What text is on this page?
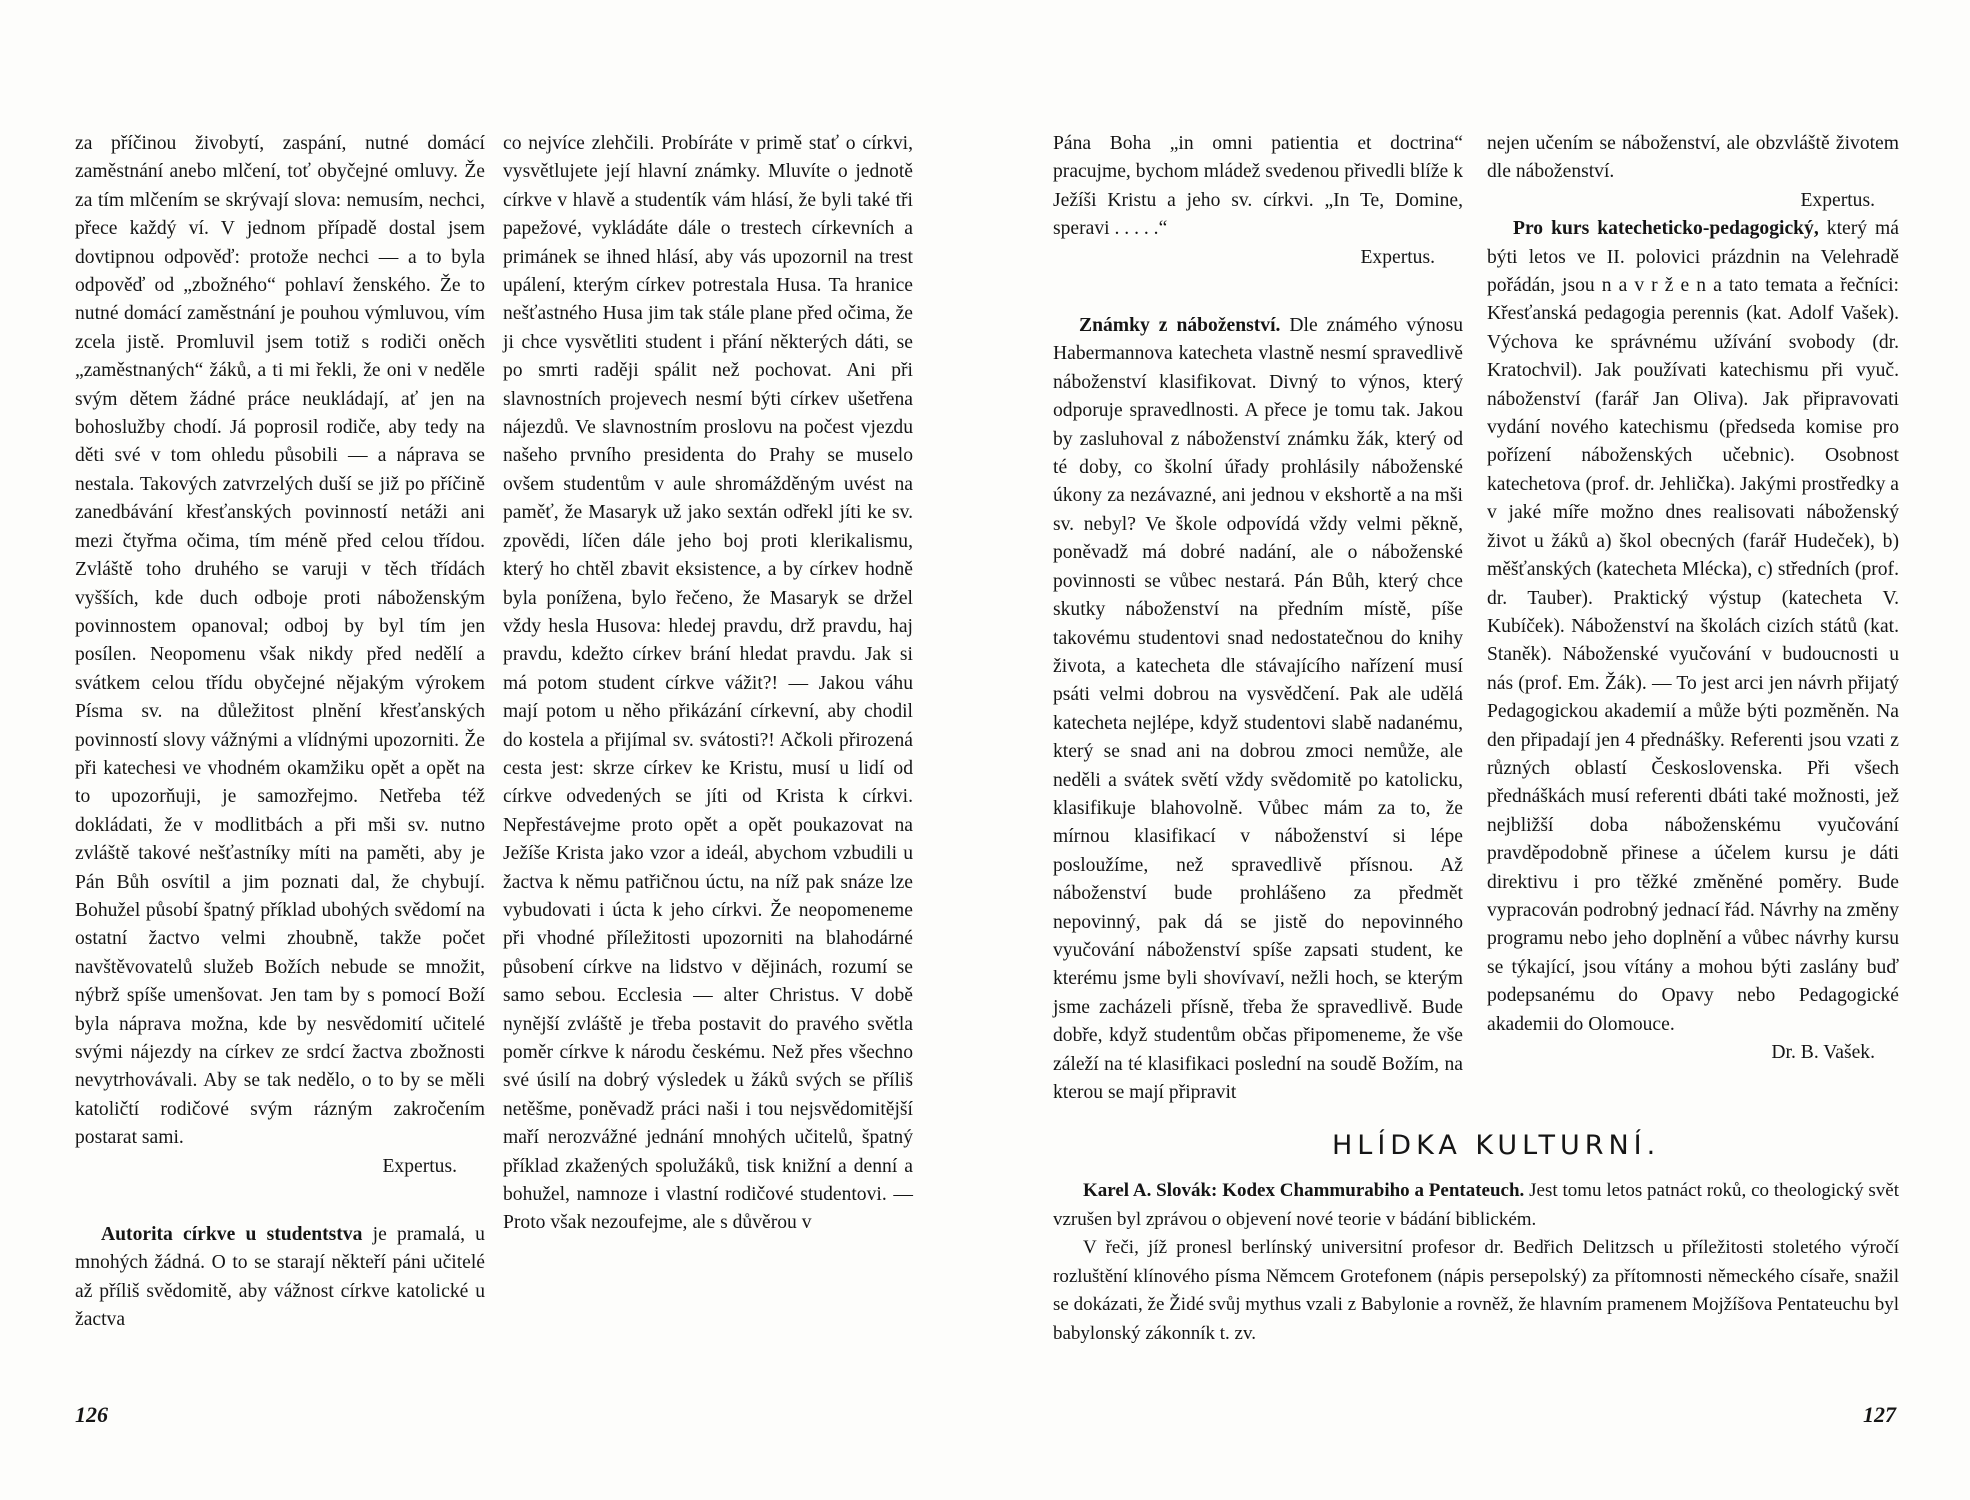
za příčinou živobytí, zaspání, nutné domácí zaměstnání anebo mlčení, toť obyčejné omluvy. Že za tím mlčením se skrývají slova: nemusím, nechci, přece každý ví. V jednom případě dostal jsem dovtipnou odpověď: protože nechci — a to byla odpověď od „zbožného“ pohlaví ženského. Že to nutné domácí zaměstnání je pouhou výmluvou, vím zcela jistě. Promluvil jsem totiž s rodiči oněch „zaměstnaných“ žáků, a ti mi řekli, že oni v neděle svým dětem žádné práce neukládají, ať jen na bohoslužby chodí. Já poprosil rodiče, aby tedy na děti své v tom ohledu působili — a náprava se nestala. Takových zatvrzelých duší se již po příčině zanedbávání křesťanských povinností netáži ani mezi čtyřma očima, tím méně před celou třídou. Zvláště toho druhého se varuji v těch třídách vyšších, kde duch odboje proti náboženským povinnostem opanoval; odboj by byl tím jen posílen. Neopomenu však nikdy před nedělí a svátkem celou třídu obyčejné nějakým výrokem Písma sv. na důležitost plnění křesťanských povinností slovy vážnými a vlídnými upozorniti. Že při katechesi ve vhodném okamžiku opět a opět na to upozorňuji, je samozřejmo. Netřeba též dokládati, že v modlitbách a při mši sv. nutno zvláště takové nešťastníky míti na paměti, aby je Pán Bůh osvítil a jim poznati dal, že chybují. Bohužel působí špatný příklad ubohých svědomí na ostatní žactvo velmi zhoubně, takže počet navštěvovatelů služeb Božích nebude se množit, nýbrž spíše umenšovat. Jen tam by s pomocí Boží byla náprava možna, kde by nesvědomití učitelé svými nájezdy na církev ze srdcí žactva zbožnosti nevytrhovávali. Aby se tak nedělo, o to by se měli katoličtí rodičové svým rázným zakročením postarat sami.

Expertus.

Autorita církve u studentstva je pramalá, u mnohých žádná. O to se starají někteří páni učitelé až příliš svědomitě, aby vážnost církve katolické u žactva

co nejvíce zlehčili. Probíráte v primě stať o církvi, vysvětlujete její hlavní známky. Mluvíte o jednotě církve v hlavě a studentík vám hlásí, že byli také tři papežové, vykládáte dále o trestech církevních a primánek se ihned hlásí, aby vás upozornil na trest upálení, kterým církev potrestala Husa. Ta hranice nešťastného Husa jim tak stále plane před očima, že ji chce vysvětliti student i přání některých dáti, se po smrti raději spálit než pochovat. Ani při slavnostních projevech nesmí býti církev ušetřena nájezdů. Ve slavnostním proslovu na počest vjezdu našeho prvního presidenta do Prahy se muselo ovšem studentům v aule shromážděným uvést na paměť, že Masaryk už jako sextán odřekl jíti ke sv. zpovědi, líčen dále jeho boj proti klerikalismu, který ho chtěl zbavit eksistence, a by církev hodně byla ponížena, bylo řečeno, že Masaryk se držel vždy hesla Husova: hledej pravdu, drž pravdu, haj pravdu, kdežto církev brání hledat pravdu. Jak si má potom student církve vážit?! — Jakou váhu mají potom u něho přikázání církevní, aby chodil do kostela a přijímal sv. svátosti?! Ačkoli přirozená cesta jest: skrze církev ke Kristu, musí u lidí od církve odvedených se jíti od Krista k církvi. Nepřestávejme proto opět a opět poukazovat na Ježíše Krista jako vzor a ideál, abychom vzbudili u žactva k němu patřičnou úctu, na níž pak snáze lze vybudovati i úcta k jeho církvi. Že neopomeneme při vhodné příležitosti upozorniti na blahodárné působení církve na lidstvo v dějinách, rozumí se samo sebou. Ecclesia — alter Christus. V době nynější zvláště je třeba postavit do pravého světla poměr církve k národu českému. Než přes všechno své úsilí na dobrý výsledek u žáků svých se příliš netěšme, poněvadž práci naši i tou nejsvědomitější maří nerozvážné jednání mnohých učitelů, špatný příklad zkažených spolužáků, tisk knižní a denní a bohužel, namnoze i vlastní rodičové studentovi. — Proto však nezoufejme, ale s důvěrou v

126

Pána Boha „in omni patientia et doctrina“ pracujme, bychom mládež svedenou přivedli blíže k Ježíši Kristu a jeho sv. církvi. „In Te, Domine, speravi . . . . .“

Expertus.

Známky z náboženství. Dle známého výnosu Habermannova katecheta vlastně nesmí spravedlivě náboženství klasifikovat. Divný to výnos, který odporuje spravedlnosti. A přece je tomu tak. Jakou by zasluhoval z náboženství známku žák, který od té doby, co školní úřady prohlásily náboženské úkony za nezávazné, ani jednou v ekshortě a na mši sv. nebyl? Ve škole odpovídá vždy velmi pěkně, poněvadž má dobré nadání, ale o náboženské povinnosti se vůbec nestará. Pán Bůh, který chce skutky náboženství na předním místě, píše takovému studentovi snad nedostatečnou do knihy života, a katecheta dle stávajícího nařízení musí psáti velmi dobrou na vysvědčení. Pak ale udělá katecheta nejlépe, když studentovi slabě nadanému, který se snad ani na dobrou zmoci nemůže, ale neděli a svátek světí vždy svědomitě po katolicku, klasifikuje blahovolně. Vůbec mám za to, že mírnou klasifikací v náboženství si lépe posloužíme, než spravedlivě přísnou. Až náboženství bude prohlášeno za předmět nepovinný, pak dá se jistě do nepovinného vyučování náboženství spíše zapsati student, ke kterému jsme byli shovívaví, nežli hoch, se kterým jsme zacházeli přísně, třeba že spravedlivě. Bude dobře, když studentům občas připomeneme, že vše záleží na té klasifikaci poslední na soudě Božím, na kterou se mají připravit

nejen učením se náboženství, ale obzvláště životem dle náboženství.

Expertus.

Pro kurs katecheticko-pedagogický, který má býti letos ve II. polovici prázdnin na Velehradě pořádán, jsou n a v r ž e n a tato temata a řečníci: Křesťanská pedagogia perennis (kat. Adolf Vašek). Výchova ke správnému užívání svobody (dr. Kratochvil). Jak používati katechismu při vyuč. náboženství (farář Jan Oliva). Jak připravovati vydání nového katechismu (předseda komise pro pořízení náboženských učebnic). Osobnost katechetova (prof. dr. Jehlička). Jakými prostředky a v jaké míře možno dnes realisovati náboženský život u žáků a) škol obecných (farář Hudeček), b) měšťanských (katecheta Mlécka), c) středních (prof. dr. Tauber). Praktický výstup (katecheta V. Kubíček). Náboženství na školách cizích států (kat. Staněk). Náboženské vyučování v budoucnosti u nás (prof. Em. Žák). — To jest arci jen návrh přijatý Pedagogickou akademií a může býti pozměněn. Na den připadají jen 4 přednášky. Referenti jsou vzati z různých oblastí Československa. Při všech přednáškách musí referenti dbáti také možnosti, jež nejbližší doba náboženskému vyučování pravděpodobně přinese a účelem kursu je dáti direktivu i pro těžké změněné poměry. Bude vypracován podrobný jednací řád. Návrhy na změny programu nebo jeho doplnění a vůbec návrhy kursu se týkající, jsou vítány a mohou býti zaslány buď podepsanému do Opavy nebo Pedagogické akademii do Olomouce.

Dr. B. Vašek.

HLÍDKA KULTURNÍ.

Karel A. Slovák: Kodex Chammurabiho a Pentateuch. Jest tomu letos patnáct roků, co theologický svět vzrušen byl zprávou o objevení nové teorie v bádání biblickém.

V řeči, jíž pronesl berlínský universitní profesor dr. Bedřich Delitzsch u příležitosti stoletého výročí rozluštění klínového písma Němcem Grotefonem (nápis persepolský) za přítomnosti německého císaře, snažil se dokázati, že Židé svůj mythus vzali z Babylonie a rovněž, že hlavním pramenem Mojžíšova Pentateuchu byl babylonský zákonník t. zv.

127
